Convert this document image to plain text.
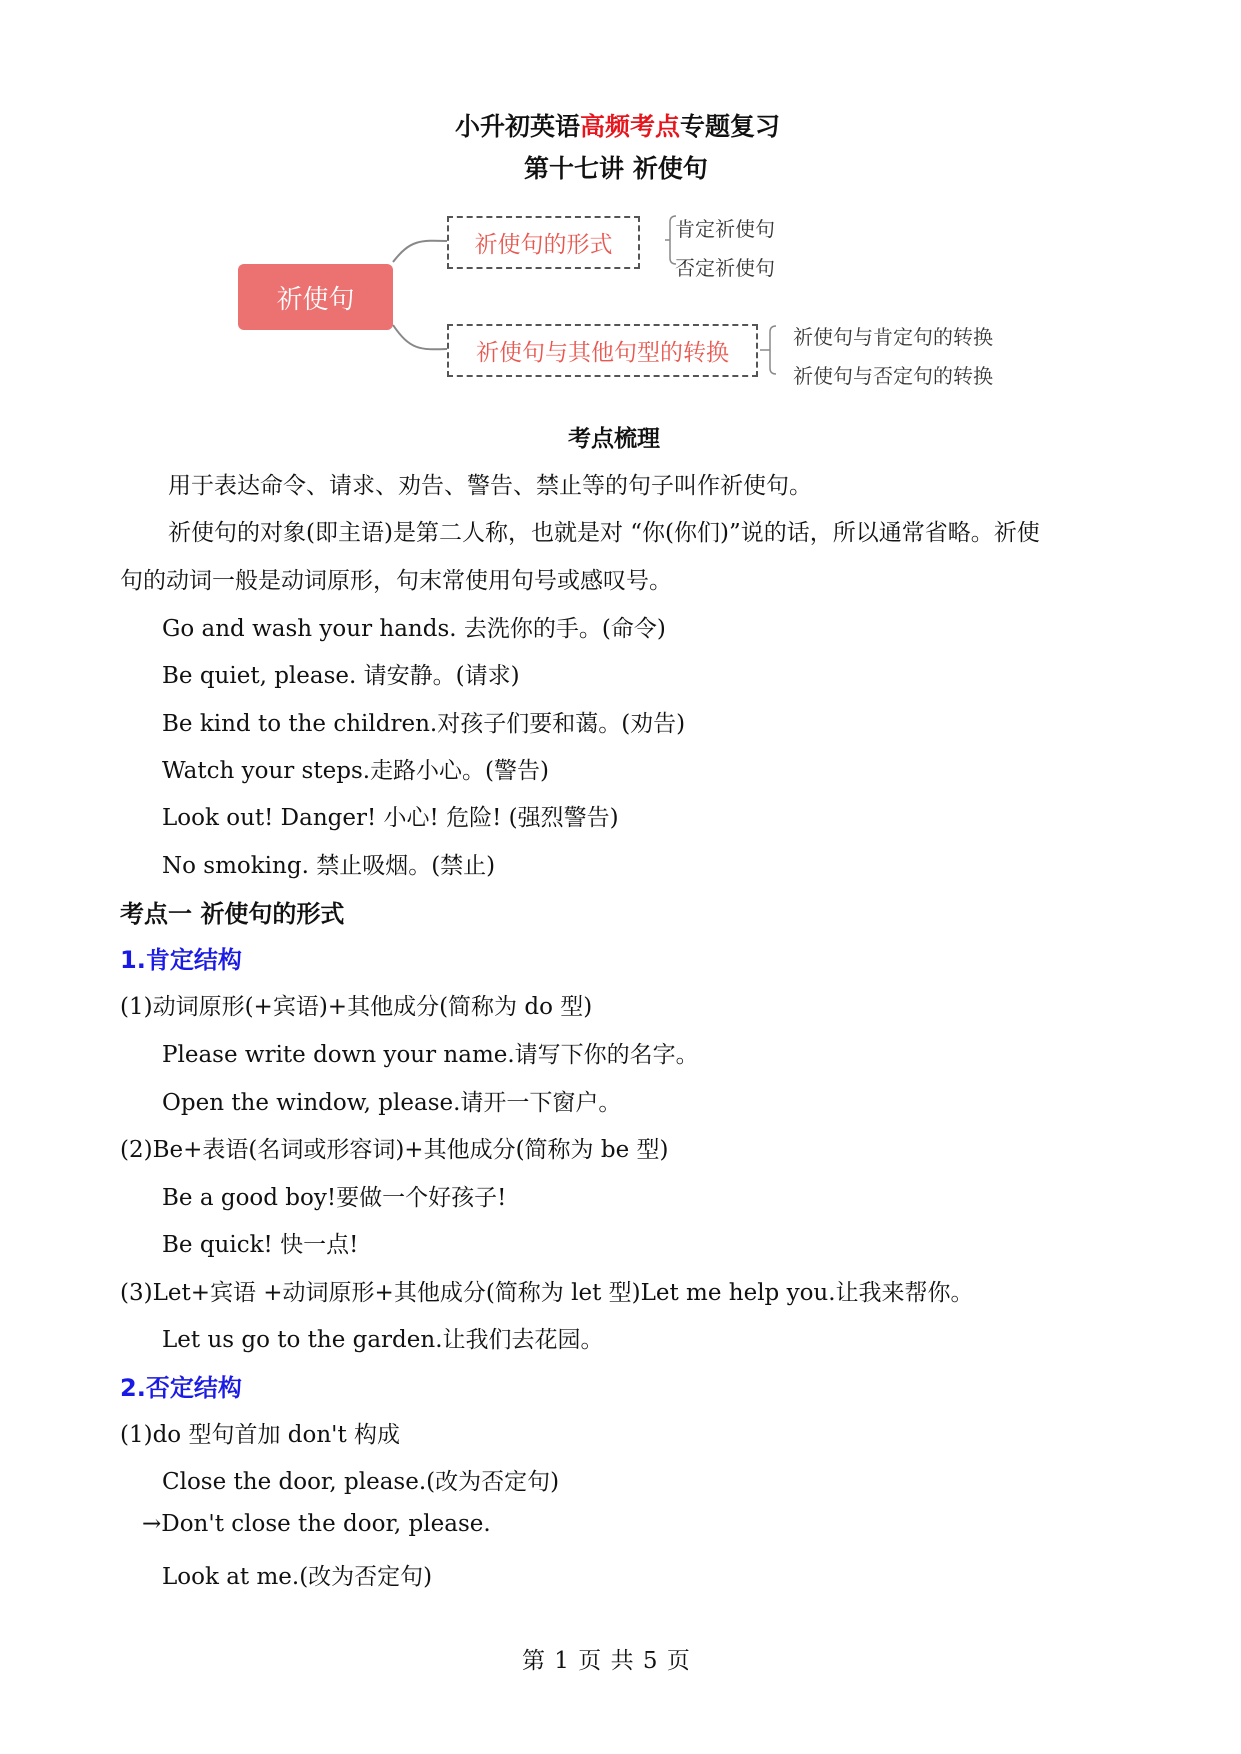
小升初英语高频考点专题复习
第十七讲 祈使句
祈使句
祈使句的形式
肯定祈使句
否定祈使句
祈使句与其他句型的转换
祈使句与肯定句的转换
祈使句与否定句的转换
考点梳理
用于表达命令、请求、劝告、警告、禁止等的句子叫作祈使句。
祈使句的对象(即主语)是第二人称，也就是对 “你(你们)”说的话，所以通常省略。祈使
句的动词一般是动词原形，句末常使用句号或感叹号。
Go and wash your hands. 去洗你的手。(命令)
Be quiet, please. 请安静。(请求)
Be kind to the children.对孩子们要和蔼。(劝告)
Watch your steps.走路小心。(警告)
Look out! Danger! 小心! 危险! (强烈警告)
No smoking. 禁止吸烟。(禁止)
考点一 祈使句的形式
1.肯定结构
(1)动词原形(+宾语)+其他成分(简称为 do 型)
Please write down your name.请写下你的名字。
Open the window, please.请开一下窗户。
(2)Be+表语(名词或形容词)+其他成分(简称为 be 型)
Be a good boy!要做一个好孩子!
Be quick! 快一点!
(3)Let+宾语 +动词原形+其他成分(简称为 let 型)Let me help you.让我来帮你。
Let us go to the garden.让我们去花园。
2.否定结构
(1)do 型句首加 don't 构成
Close the door, please.(改为否定句)
→Don't close the door, please.
Look at me.(改为否定句)
第 1 页 共 5 页
